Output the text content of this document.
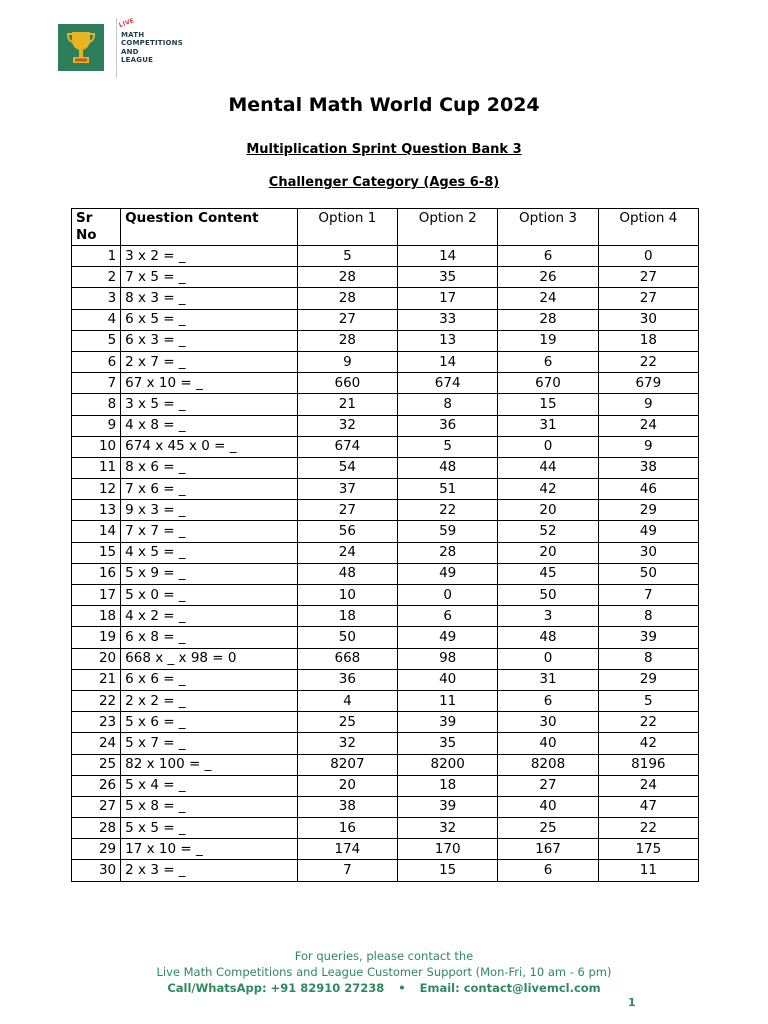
LIVE
MATH
COMPETITIONS
AND
LEAGUE
Mental Math World Cup 2024

Multiplication Sprint Question Bank 3

Challenger Category (Ages 6-8)

Sr No	Question Content	Option 1	Option 2	Option 3	Option 4
1	3 x 2 = _	5	14	6	0
2	7 x 5 = _	28	35	26	27
3	8 x 3 = _	28	17	24	27
4	6 x 5 = _	27	33	28	30
5	6 x 3 = _	28	13	19	18
6	2 x 7 = _	9	14	6	22
7	67 x 10 = _	660	674	670	679
8	3 x 5 = _	21	8	15	9
9	4 x 8 = _	32	36	31	24
10	674 x 45 x 0 = _	674	5	0	9
11	8 x 6 = _	54	48	44	38
12	7 x 6 = _	37	51	42	46
13	9 x 3 = _	27	22	20	29
14	7 x 7 = _	56	59	52	49
15	4 x 5 = _	24	28	20	30
16	5 x 9 = _	48	49	45	50
17	5 x 0 = _	10	0	50	7
18	4 x 2 = _	18	6	3	8
19	6 x 8 = _	50	49	48	39
20	668 x _ x 98 = 0	668	98	0	8
21	6 x 6 = _	36	40	31	29
22	2 x 2 = _	4	11	6	5
23	5 x 6 = _	25	39	30	22
24	5 x 7 = _	32	35	40	42
25	82 x 100 = _	8207	8200	8208	8196
26	5 x 4 = _	20	18	27	24
27	5 x 8 = _	38	39	40	47
28	5 x 5 = _	16	32	25	22
29	17 x 10 = _	174	170	167	175
30	2 x 3 = _	7	15	6	11

For queries, please contact the

Live Math Competitions and League Customer Support (Mon-Fri, 10 am - 6 pm)

Call/WhatsApp: +91 82910 27238 • Email: contact@livemcl.com

1
